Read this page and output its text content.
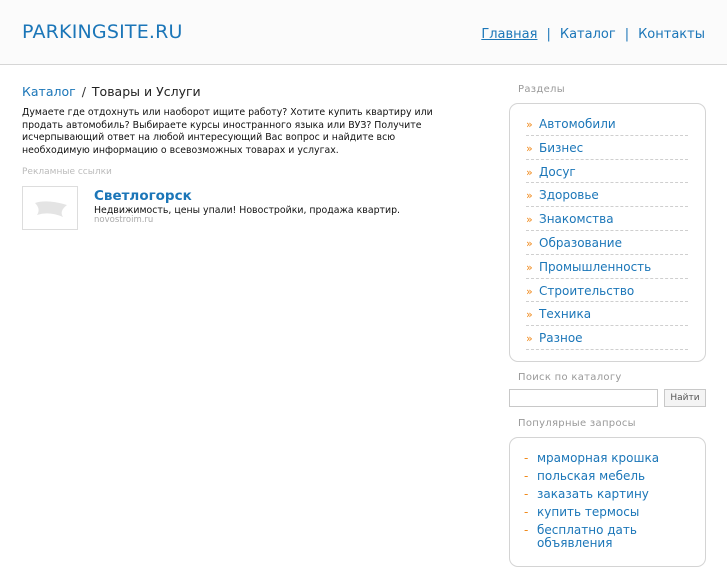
PARKINGSITE.RU	Главная | Каталог | Контакты
Каталог / Товары и Услуги
Думаете где отдохнуть или наоборот ищите работу? Хотите купить квартиру или продать автомобиль? Выбираете курсы иностранного языка или ВУЗ? Получите исчерпывающий ответ на любой интересующий Вас вопрос и найдите всю необходимую информацию о всевозможных товарах и услугах.
Рекламные ссылки
Светлогорск
Недвижимость, цены упали! Новостройки, продажа квартир.
novostroim.ru
Разделы
» Автомобили
» Бизнес
» Досуг
» Здоровье
» Знакомства
» Образование
» Промышленность
» Строительство
» Техника
» Разное
Поиск по каталогу
Найти
Популярные запросы
- мраморная крошка
- польская мебель
- заказать картину
- купить термосы
- бесплатно дать объявления
